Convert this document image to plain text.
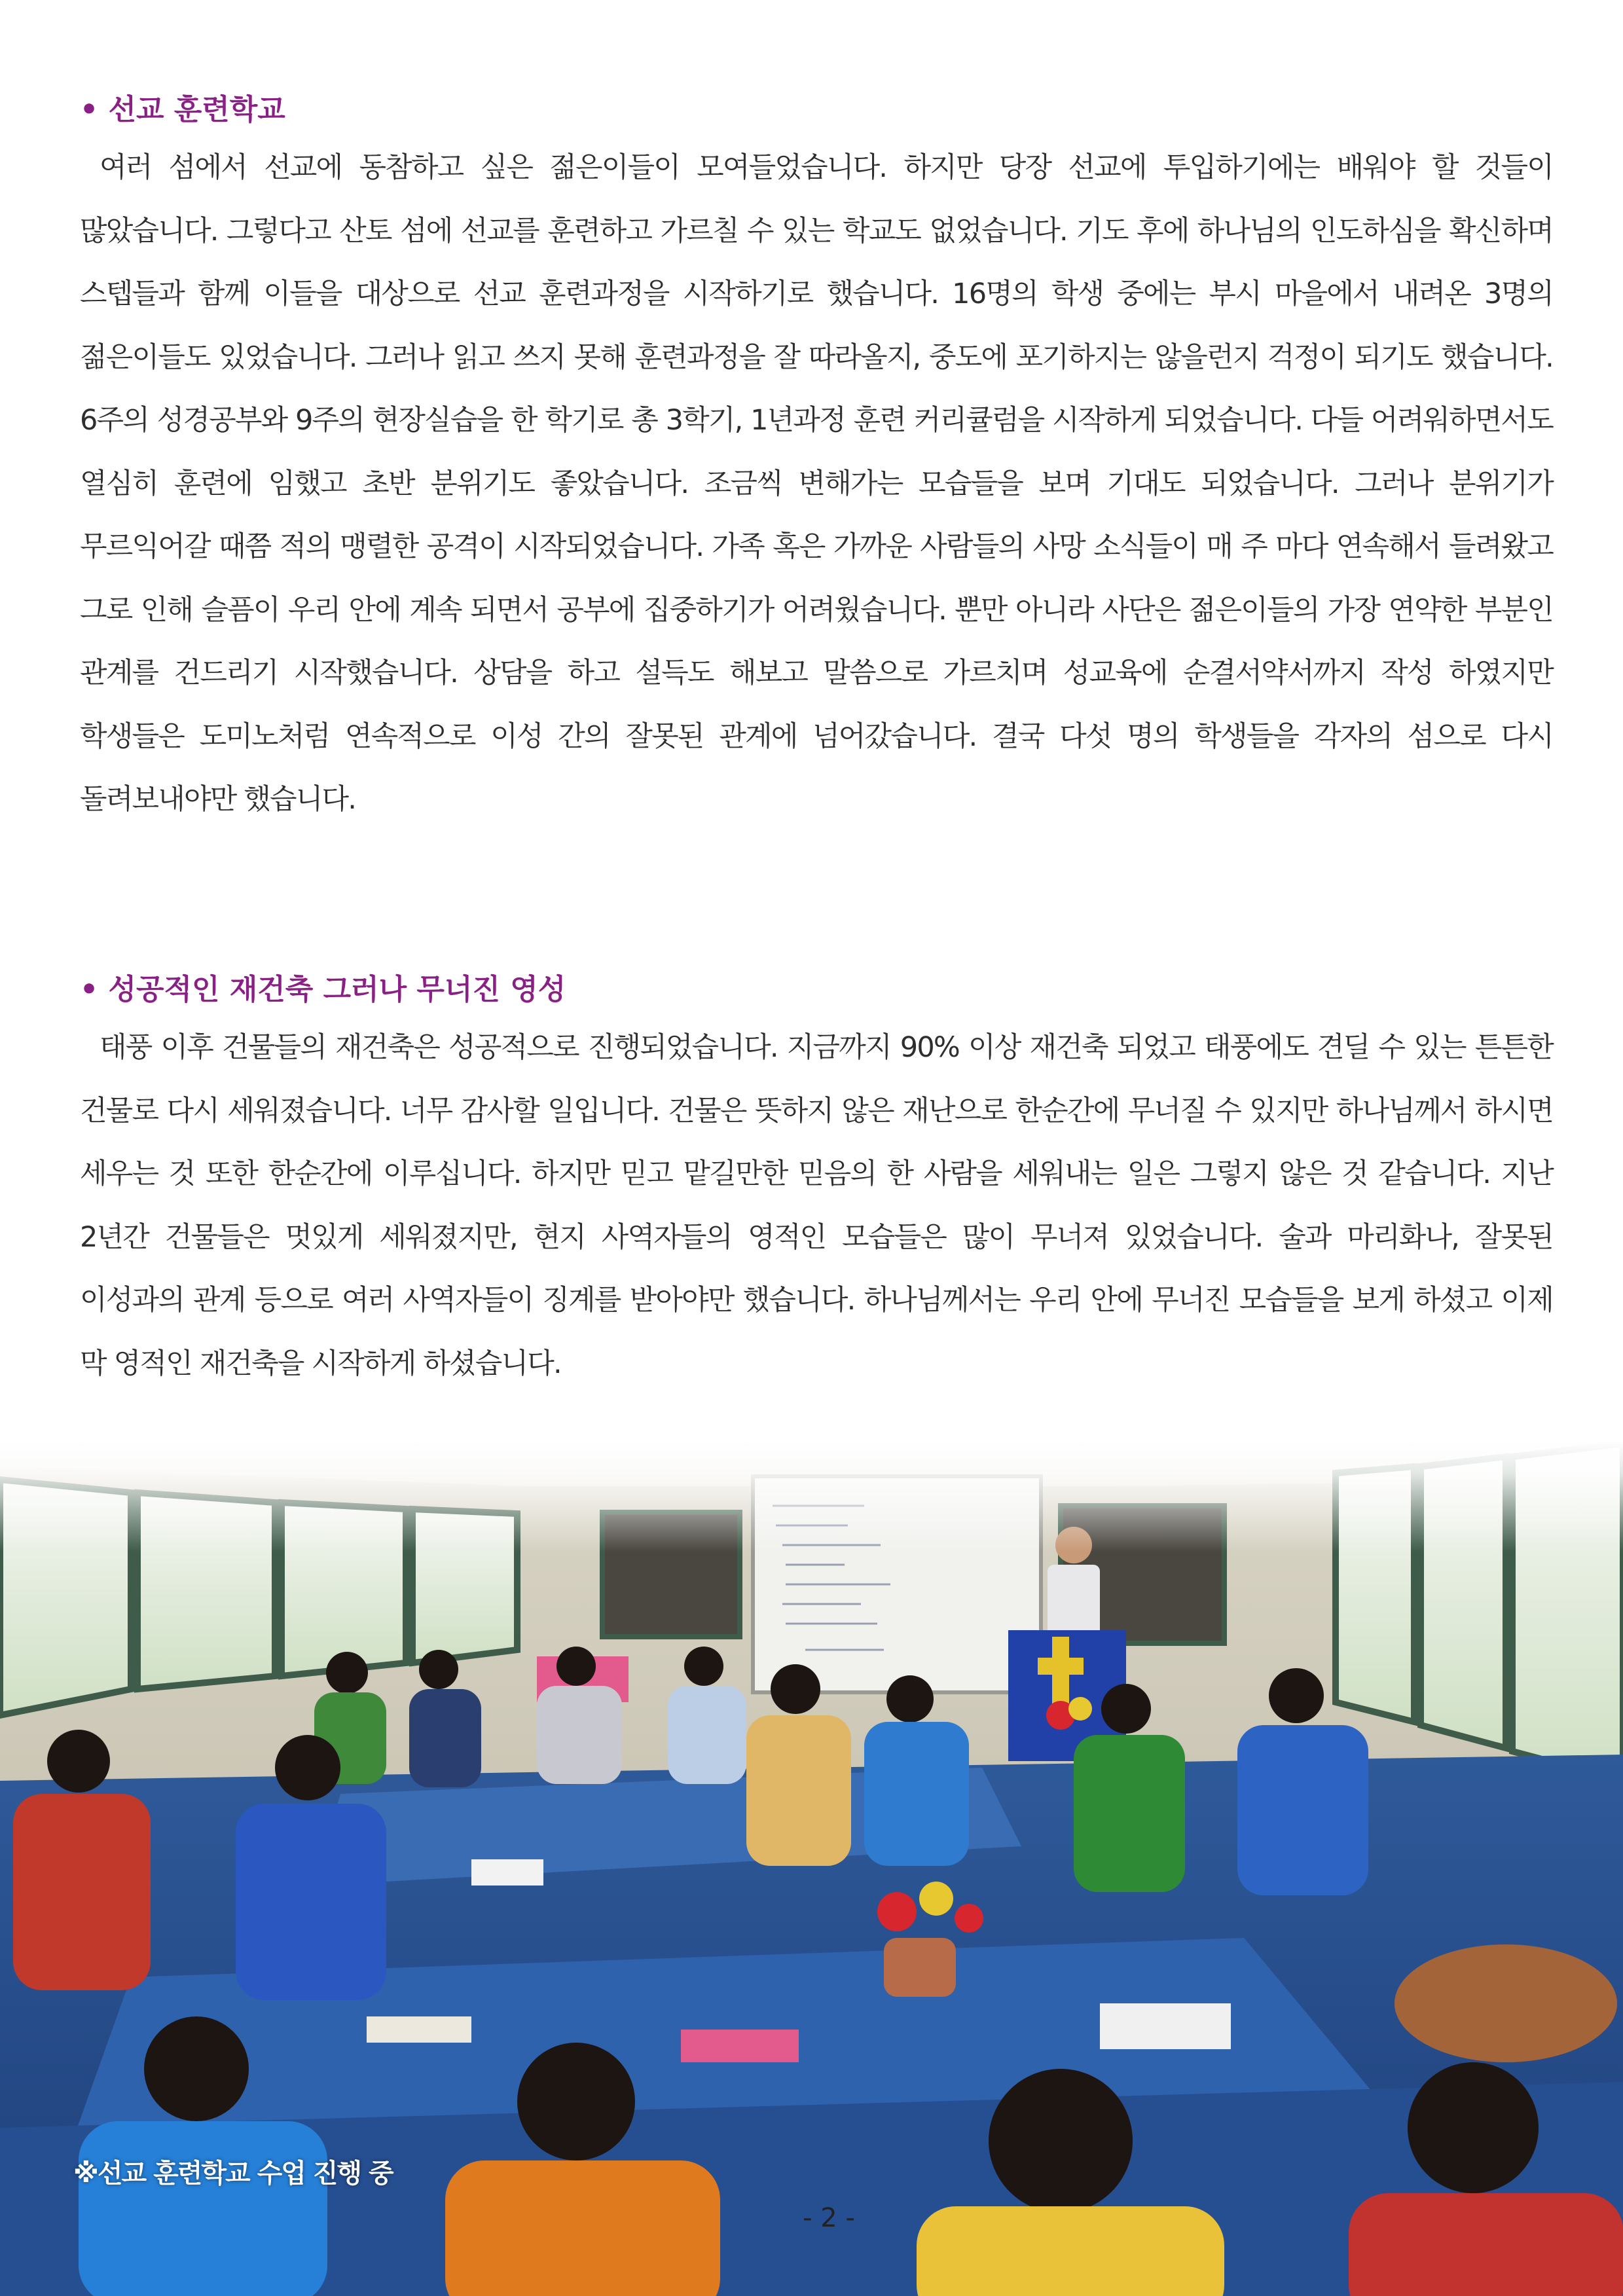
• 선교 훈련학교

여러 섬에서 선교에 동참하고 싶은 젊은이들이 모여들었습니다. 하지만 당장 선교에 투입하기에는 배워야 할 것들이 많았습니다. 그렇다고 산토 섬에 선교를 훈련하고 가르칠 수 있는 학교도 없었습니다. 기도 후에 하나님의 인도하심을 확신하며 스텝들과 함께 이들을 대상으로 선교 훈련과정을 시작하기로 했습니다. 16명의 학생 중에는 부시 마을에서 내려온 3명의 젊은이들도 있었습니다. 그러나 읽고 쓰지 못해 훈련과정을 잘 따라올지, 중도에 포기하지는 않을런지 걱정이 되기도 했습니다. 6주의 성경공부와 9주의 현장실습을 한 학기로 총 3학기, 1년과정 훈련 커리큘럼을 시작하게 되었습니다. 다들 어려워하면서도 열심히 훈련에 임했고 초반 분위기도 좋았습니다. 조금씩 변해가는 모습들을 보며 기대도 되었습니다. 그러나 분위기가 무르익어갈 때쯤 적의 맹렬한 공격이 시작되었습니다. 가족 혹은 가까운 사람들의 사망 소식들이 매 주 마다 연속해서 들려왔고 그로 인해 슬픔이 우리 안에 계속 되면서 공부에 집중하기가 어려웠습니다. 뿐만 아니라 사단은 젊은이들의 가장 연약한 부분인 관계를 건드리기 시작했습니다. 상담을 하고 설득도 해보고 말씀으로 가르치며 성교육에 순결서약서까지 작성 하였지만 학생들은 도미노처럼 연속적으로 이성 간의 잘못된 관계에 넘어갔습니다. 결국 다섯 명의 학생들을 각자의 섬으로 다시 돌려보내야만 했습니다.

• 성공적인 재건축 그러나 무너진 영성

태풍 이후 건물들의 재건축은 성공적으로 진행되었습니다. 지금까지 90% 이상 재건축 되었고 태풍에도 견딜 수 있는 튼튼한 건물로 다시 세워졌습니다. 너무 감사할 일입니다. 건물은 뜻하지 않은 재난으로 한순간에 무너질 수 있지만 하나님께서 하시면 세우는 것 또한 한순간에 이루십니다. 하지만 믿고 맡길만한 믿음의 한 사람을 세워내는 일은 그렇지 않은 것 같습니다. 지난 2년간 건물들은 멋있게 세워졌지만, 현지 사역자들의 영적인 모습들은 많이 무너져 있었습니다. 술과 마리화나, 잘못된 이성과의 관계 등으로 여러 사역자들이 징계를 받아야만 했습니다. 하나님께서는 우리 안에 무너진 모습들을 보게 하셨고 이제 막 영적인 재건축을 시작하게 하셨습니다.

※선교 훈련학교 수업 진행 중
- 2 -
